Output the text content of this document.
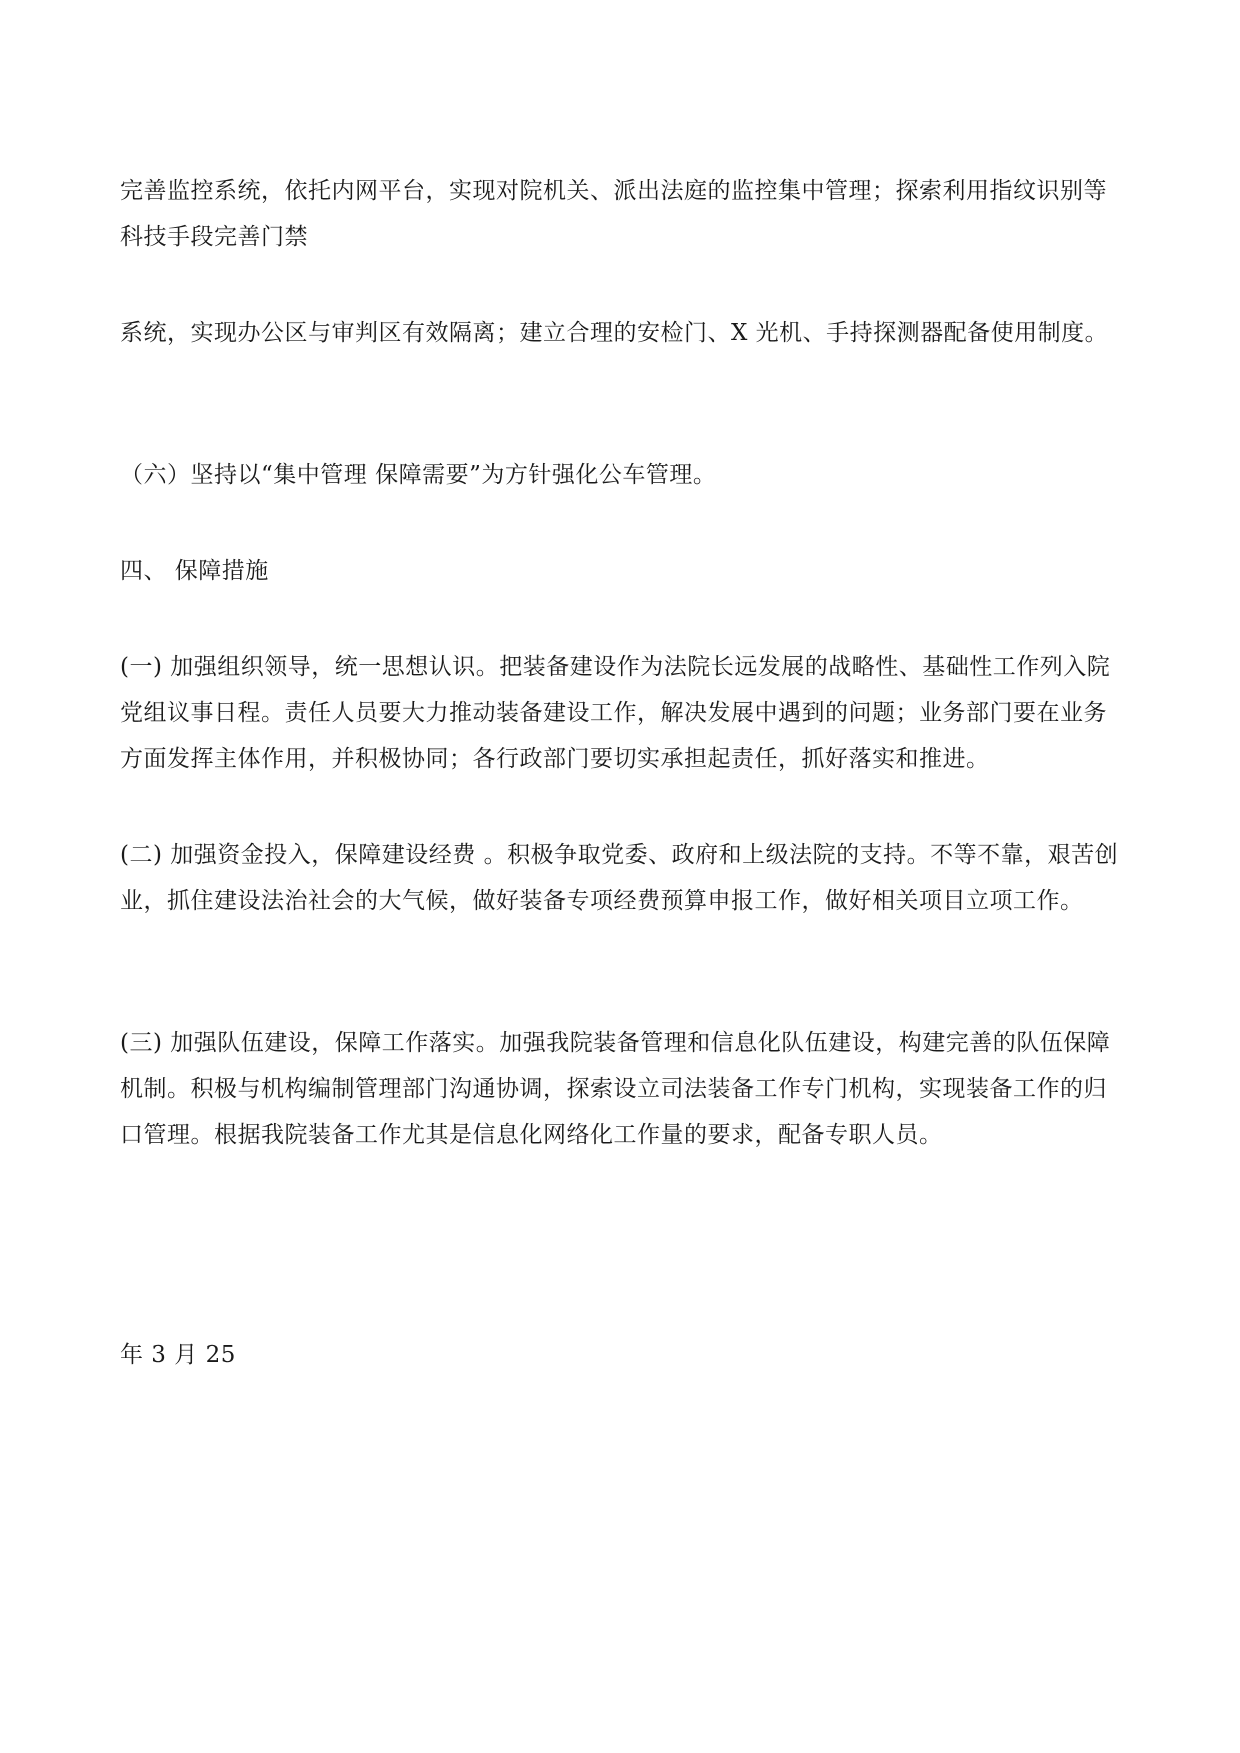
完善监控系统，依托内网平台，实现对院机关、派出法庭的监控集中管理；探索利用指纹识别等科技手段完善门禁

系统，实现办公区与审判区有效隔离；建立合理的安检门、X 光机、手持探测器配备使用制度。

（六）坚持以“集中管理 保障需要”为方针强化公车管理。

四、 保障措施

(一) 加强组织领导，统一思想认识。把装备建设作为法院长远发展的战略性、基础性工作列入院党组议事日程。责任人员要大力推动装备建设工作，解决发展中遇到的问题；业务部门要在业务方面发挥主体作用，并积极协同；各行政部门要切实承担起责任，抓好落实和推进。

(二) 加强资金投入，保障建设经费 。积极争取党委、政府和上级法院的支持。不等不靠，艰苦创业，抓住建设法治社会的大气候，做好装备专项经费预算申报工作，做好相关项目立项工作。

(三) 加强队伍建设，保障工作落实。加强我院装备管理和信息化队伍建设，构建完善的队伍保障机制。积极与机构编制管理部门沟通协调，探索设立司法装备工作专门机构，实现装备工作的归口管理。根据我院装备工作尤其是信息化网络化工作量的要求，配备专职人员。

年 3 月 25
